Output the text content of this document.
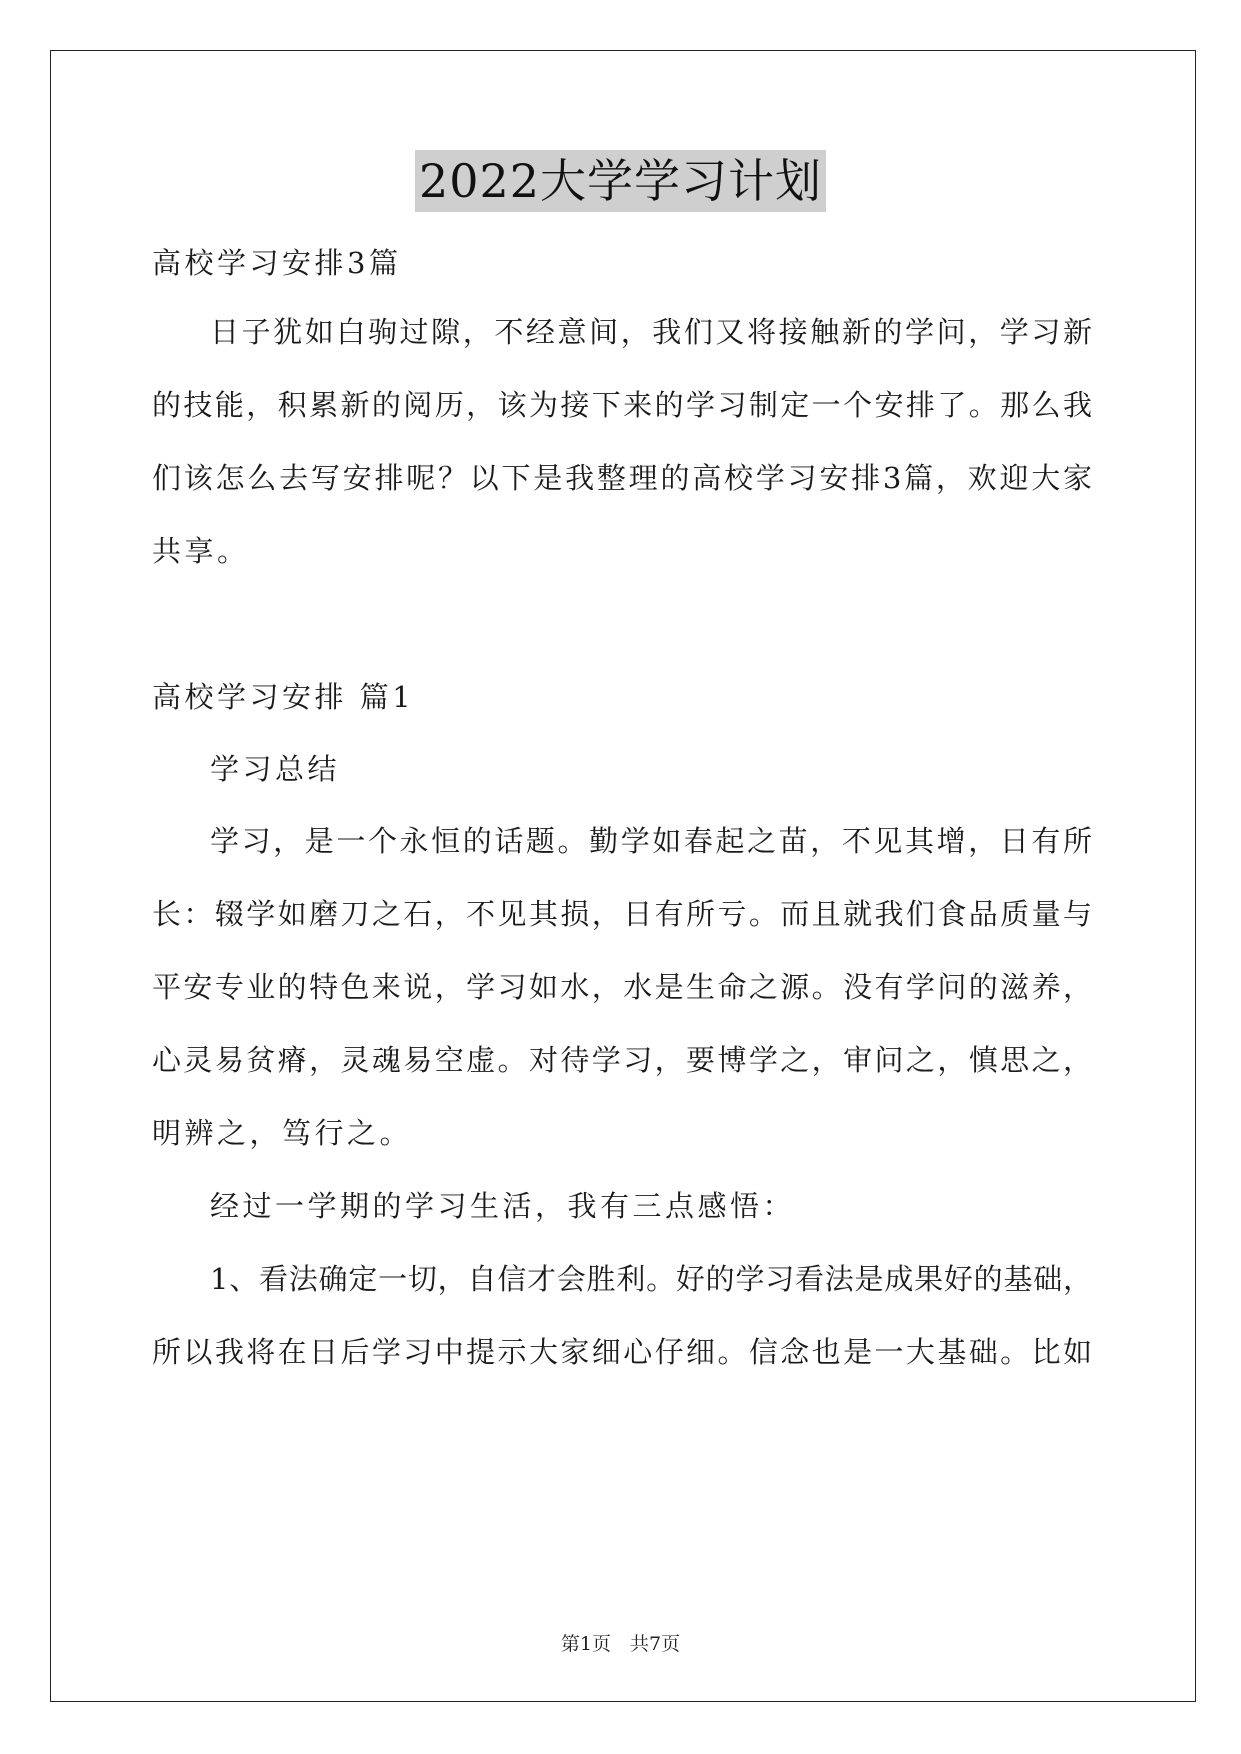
2022大学学习计划
高校学习安排3篇
日子犹如白驹过隙，不经意间，我们又将接触新的学问，学习新
的技能，积累新的阅历，该为接下来的学习制定一个安排了。那么我
们该怎么去写安排呢？以下是我整理的高校学习安排3篇，欢迎大家
共享。
高校学习安排 篇1
学习总结
学习，是一个永恒的话题。勤学如春起之苗，不见其增，日有所
长：辍学如磨刀之石，不见其损，日有所亏。而且就我们食品质量与
平安专业的特色来说，学习如水，水是生命之源。没有学问的滋养，
心灵易贫瘠，灵魂易空虚。对待学习，要博学之，审问之，慎思之，
明辨之，笃行之。
经过一学期的学习生活，我有三点感悟：
1、看法确定一切，自信才会胜利。好的学习看法是成果好的基础，
所以我将在日后学习中提示大家细心仔细。信念也是一大基础。比如
第1页　共7页
